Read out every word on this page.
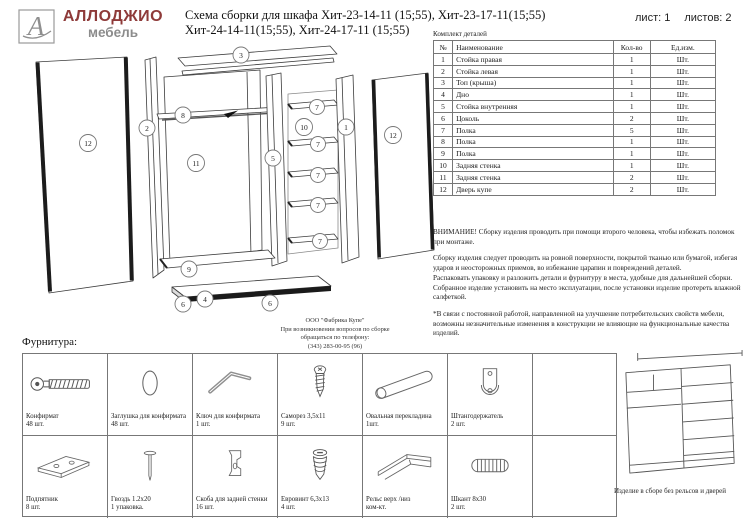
A	АЛЛОДЖИО
мебель
Схема сборки для шкафа Хит-23-14-11 (15;55), Хит-23-17-11(15;55)
Хит-24-14-11(15;55), Хит-24-17-11 (15;55)
лист: 1 листов: 2
12
2
8
11
3
5
10
7
7
7
7
7
1
12
9
4
6	6
ООО "Фабрика Купе"
При возникновении вопросов по сборке
обращаться по телефону:
(343) 283-00-95 (96)
Комплект деталей
№	Наименование	Кол-во	Ед.изм.
1	Стойка правая	1	Шт.
2	Стойка левая	1	Шт.
3	Топ (крыша)	1	Шт.
4	Дно	1	Шт.
5	Стойка внутренняя	1	Шт.
6	Цоколь	2	Шт.
7	Полка	5	Шт.
8	Полка	1	Шт.
9	Полка	1	Шт.
10	Задняя стенка	1	Шт.
11	Задняя стенка	2	Шт.
12	Дверь купе	2	Шт.

ВНИМАНИЕ! Сборку изделия проводить при помощи второго человека, чтобы избежать поломок при монтаже.

Сборку изделия следует проводить на ровной поверхности, покрытой тканью или бумагой, избегая ударов и неосторожных приемов, во избежание царапин и повреждений деталей.

Распаковать упаковку и разложить детали и фурнитуру в места, удобные для дальнейшей сборки.

Собранное изделие установить на место эксплуатации, после установки изделие протереть влажной салфеткой.

*В связи с постоянной работой, направленной на улучшение потребительских свойств мебели, возможны незначительные изменения в конструкции не влияющие на функциональные качества изделий.

Фурнитура:
Конфирмат
48 шт.
Заглушка для конфирмата
48 шт.
Ключ для конфирмата
1 шт.
Саморез 3,5х11
9 шт.
Овальная перекладина
1шт.
Штангодержатель
2 шт.
Подпятник
8 шт.
Гвоздь 1.2х20
1 упаковка.
Скоба для задней стенки
16 шт.
Евровинт 6,3х13
4 шт.
Рельс верх /низ
ком-кт.
Шкант 8х30
2 шт.
Изделие в сборе без рельсов и дверей
